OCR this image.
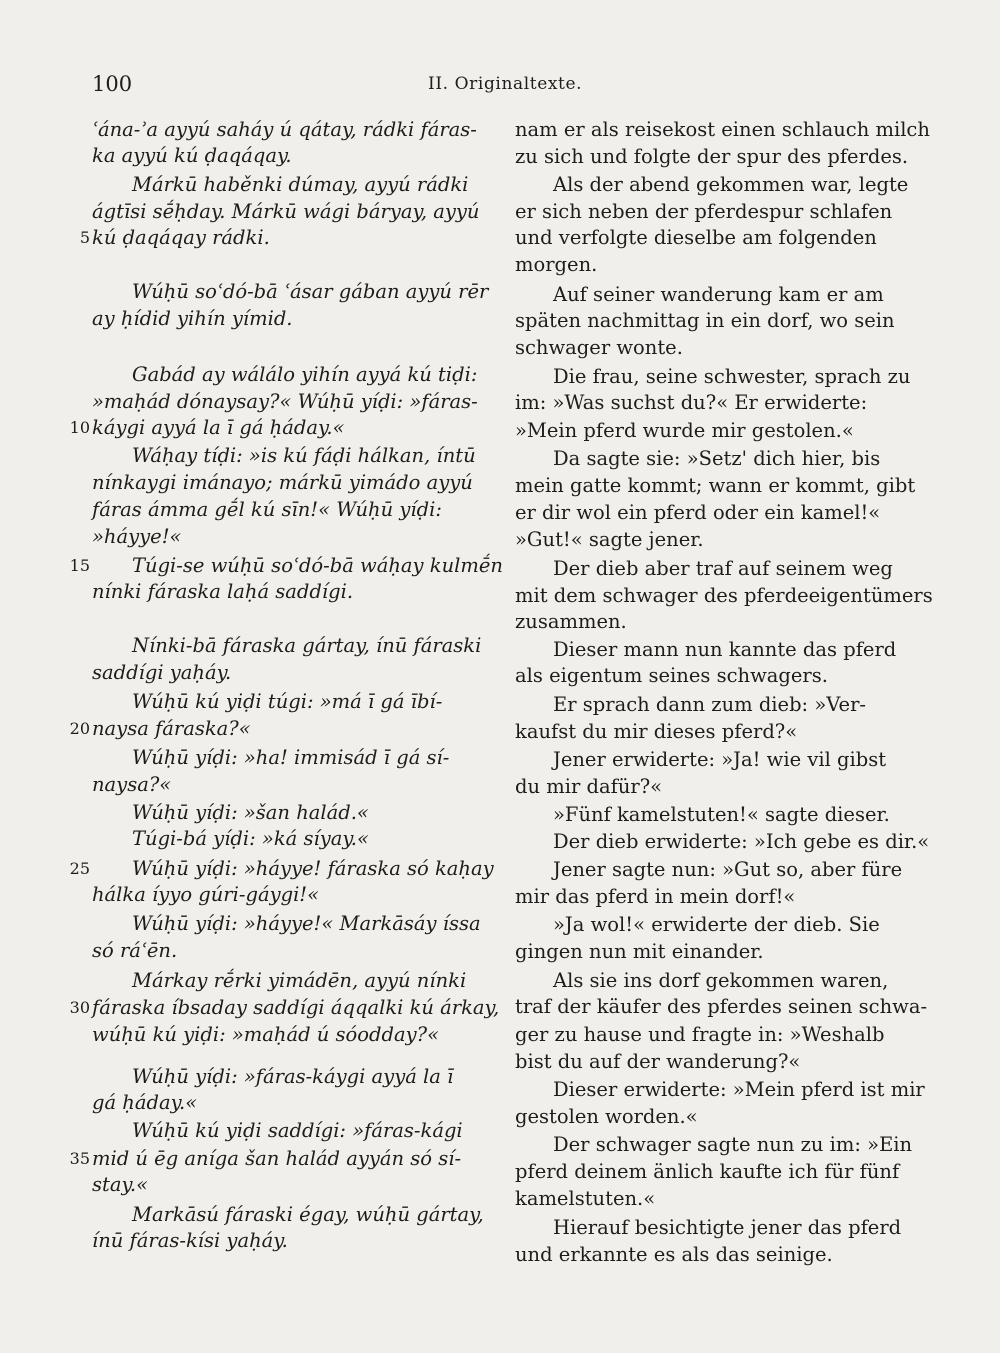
100	II. Originaltexte.
ʿána-ʾa ayyú saháy ú qátay, rádki fáras-
ka ayyú kú ḍaqáqay.
Márkū haběnki dúmay, ayyú rádki
ágtīsi sḗḥday. Márkū wági báryay, ayyú
kú ḍaqáqay rádki.
5
Wúḥū soʿdó-bā ʿásar gában ayyú rēr
ay ḥídid yihín yímid.
Gabád ay wálálo yihín ayyá kú tiḍi:
»maḥád dónaysay?« Wúḥū yíḍi: »fáras-
káygi ayyá la ī gá ḥáday.«
10
Wáḥay tíḍi: »is kú fáḍi hálkan, íntū
nínkaygi imánayo; márkū yimádo ayyú
fáras ámma gḗl kú sīn!« Wúḥū yíḍi:
»háyye!«
Túgi-se wúḥū soʿdó-bā wáḥay kulmḗn
15
nínki fáraska laḥá saddígi.
Nínki-bā fáraska gártay, ínū fáraski
saddígi yaḥáy.
Wúḥū kú yiḍi túgi: »má ī gá ībí-
naysa fáraska?«
20
Wúḥū yíḍi: »ha! immisád ī gá sí-
naysa?«
Wúḥū yíḍi: »šan halád.«
Túgi-bá yíḍi: »ká síyay.«
Wúḥū yíḍi: »háyye! fáraska só kaḥay
25
hálka íyyo gúri-gáygi!«
Wúḥū yíḍi: »háyye!« Markāsáy íssa
só ráʿēn.
Márkay rḗrki yimádēn, ayyú nínki
fáraska íbsaday saddígi áqqalki kú árkay,
30
wúḥū kú yiḍi: »maḥád ú sóodday?«
Wúḥū yíḍi: »fáras-káygi ayyá la ī
gá ḥáday.«
Wúḥū kú yiḍi saddígi: »fáras-kági
mid ú ēg aníga šan halád ayyán só sí-
35
stay.«
Markāsú fáraski égay, wúḥū gártay,
ínū fáras-kísi yaḥáy.
nam er als reisekost einen schlauch milch
zu sich und folgte der spur des pferdes.
Als der abend gekommen war, legte
er sich neben der pferdespur schlafen
und verfolgte dieselbe am folgenden
morgen.
Auf seiner wanderung kam er am
späten nachmittag in ein dorf, wo sein
schwager wonte.
Die frau, seine schwester, sprach zu
im: »Was suchst du?« Er erwiderte:
»Mein pferd wurde mir gestolen.«
Da sagte sie: »Setz' dich hier, bis
mein gatte kommt; wann er kommt, gibt
er dir wol ein pferd oder ein kamel!«
»Gut!« sagte jener.
Der dieb aber traf auf seinem weg
mit dem schwager des pferdeeigentümers
zusammen.
Dieser mann nun kannte das pferd
als eigentum seines schwagers.
Er sprach dann zum dieb: »Ver-
kaufst du mir dieses pferd?«
Jener erwiderte: »Ja! wie vil gibst
du mir dafür?«
»Fünf kamelstuten!« sagte dieser.
Der dieb erwiderte: »Ich gebe es dir.«
Jener sagte nun: »Gut so, aber füre
mir das pferd in mein dorf!«
»Ja wol!« erwiderte der dieb. Sie
gingen nun mit einander.
Als sie ins dorf gekommen waren,
traf der käufer des pferdes seinen schwa-
ger zu hause und fragte in: »Weshalb
bist du auf der wanderung?«
Dieser erwiderte: »Mein pferd ist mir
gestolen worden.«
Der schwager sagte nun zu im: »Ein
pferd deinem änlich kaufte ich für fünf
kamelstuten.«
Hierauf besichtigte jener das pferd
und erkannte es als das seinige.
